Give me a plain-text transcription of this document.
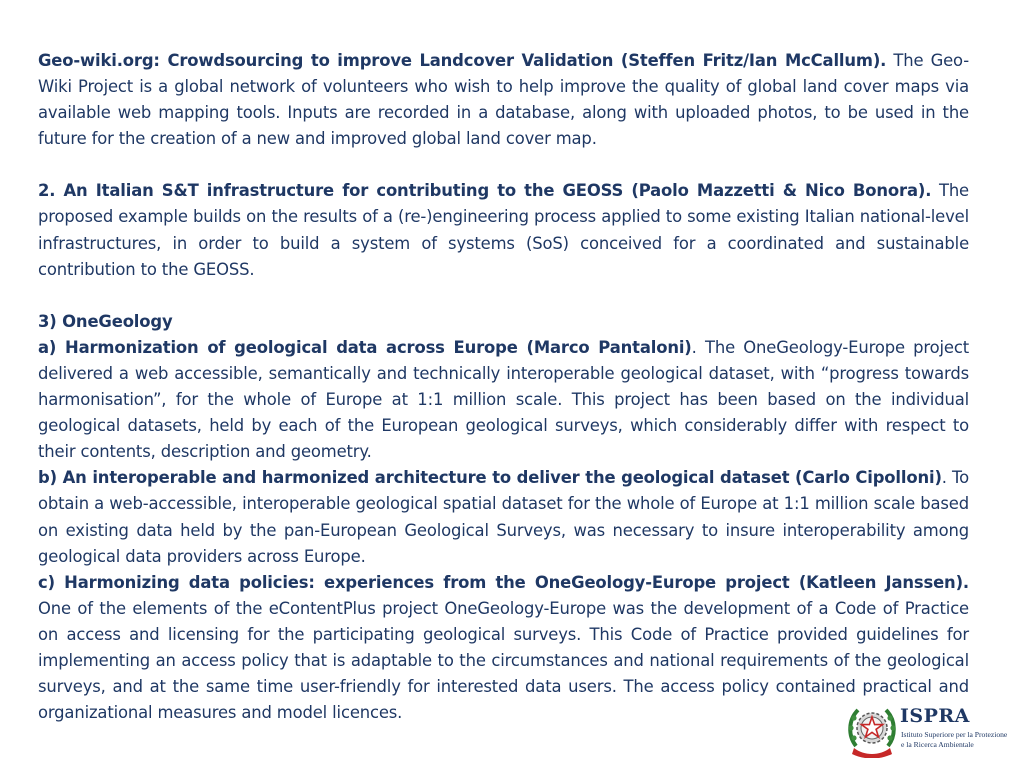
Geo-wiki.org: Crowdsourcing to improve Landcover Validation (Steffen Fritz/Ian McCallum). The Geo-Wiki Project is a global network of volunteers who wish to help improve the quality of global land cover maps via available web mapping tools. Inputs are recorded in a database, along with uploaded photos, to be used in the future for the creation of a new and improved global land cover map.

2. An Italian S&T infrastructure for contributing to the GEOSS (Paolo Mazzetti & Nico Bonora). The proposed example builds on the results of a (re-)engineering process applied to some existing Italian national-level infrastructures, in order to build a system of systems (SoS) conceived for a coordinated and sustainable contribution to the GEOSS.

3) OneGeology

a) Harmonization of geological data across Europe (Marco Pantaloni). The OneGeology-Europe project delivered a web accessible, semantically and technically interoperable geological dataset, with “progress towards harmonisation”, for the whole of Europe at 1:1 million scale. This project has been based on the individual geological datasets, held by each of the European geological surveys, which considerably differ with respect to their contents, description and geometry.

b) An interoperable and harmonized architecture to deliver the geological dataset (Carlo Cipolloni). To obtain a web-accessible, interoperable geological spatial dataset for the whole of Europe at 1:1 million scale based on existing data held by the pan-European Geological Surveys, was necessary to insure interoperability among geological data providers across Europe.

c) Harmonizing data policies: experiences from the OneGeology-Europe project (Katleen Janssen). One of the elements of the eContentPlus project OneGeology-Europe was the development of a Code of Practice on access and licensing for the participating geological surveys. This Code of Practice provided guidelines for implementing an access policy that is adaptable to the circumstances and national requirements of the geological surveys, and at the same time user-friendly for interested data users. The access policy contained practical and organizational measures and model licences.	ISPRA
Istituto Superiore per la Protezione
e la Ricerca Ambientale
